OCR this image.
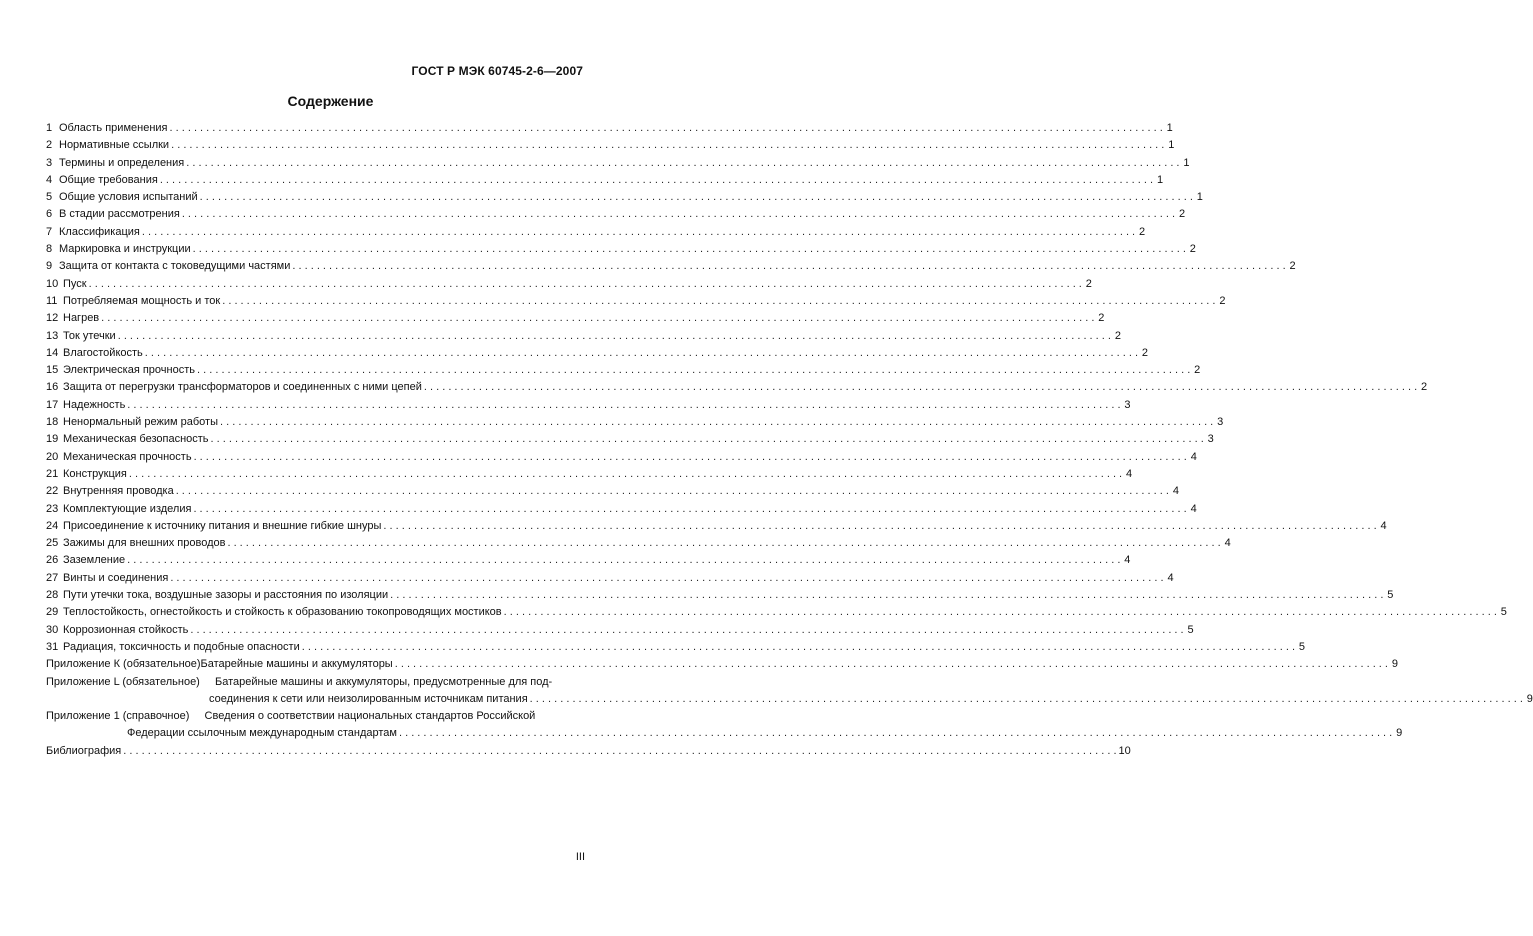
ГОСТ Р МЭК 60745-2-6—2007
Содержение
1 Область применения . . .	1
2 Нормативные ссылки . . .	1
3 Термины и определения . . .	1
4 Общие требования . . .	1
5 Общие условия испытаний . . .	1
6 В стадии рассмотрения . . .	2
7 Классификация . . .	2
8 Маркировка и инструкции . . .	2
9 Защита от контакта с токоведущими частями . . .	2
10 Пуск . . .	2
11 Потребляемая мощность и ток . . .	2
12 Нагрев . . .	2
13 Ток утечки . . .	2
14 Влагостойкость . . .	2
15 Электрическая прочность . . .	2
16 Защита от перегрузки трансформаторов и соединенных с ними цепей . . .	2
17 Надежность . . .	3
18 Ненормальный режим работы . . .	3
19 Механическая безопасность . . .	3
20 Механическая прочность . . .	4
21 Конструкция . . .	4
22 Внутренняя проводка . . .	4
23 Комплектующие изделия . . .	4
24 Присоединение к источнику питания и внешние гибкие шнуры . . .	4
25 Зажимы для внешних проводов . . .	4
26 Заземление . . .	4
27 Винты и соединения . . .	4
28 Пути утечки тока, воздушные зазоры и расстояния по изоляции . . .	5
29 Теплостойкость, огнестойкость и стойкость к образованию токопроводящих мостиков . . .	5
30 Коррозионная стойкость . . .	5
31 Радиация, токсичность и подобные опасности . . .	5
Приложение К (обязательное) Батарейные машины и аккумуляторы . . .	9
Приложение L (обязательное) Батарейные машины и аккумуляторы, предусмотренные для под-
соединения к сети или неизолированным источникам питания . . .	9
Приложение 1 (справочное) Сведения о соответствии национальных стандартов Российской
Федерации ссылочным международным стандартам . . .	9
Библиография . . .	10
III
